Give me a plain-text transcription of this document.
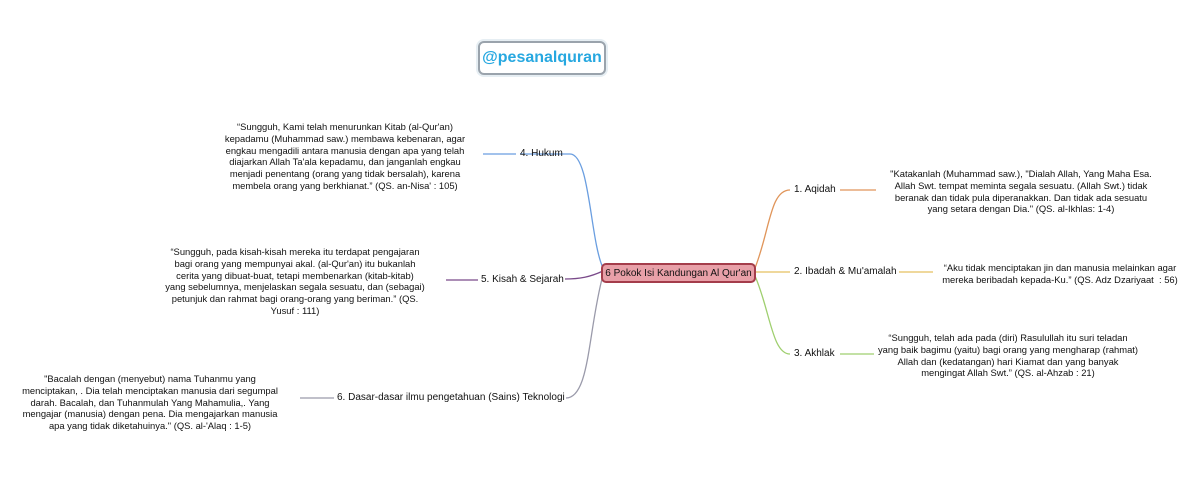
@pesanalquran
6 Pokok Isi Kandungan Al Qur'an
“Sungguh, Kami telah menurunkan Kitab (al-Qur'an)
kepadamu (Muhammad saw.) membawa kebenaran, agar
engkau mengadili antara manusia dengan apa yang telah
diajarkan Allah Ta'ala kepadamu, dan janganlah engkau
menjadi penentang (orang yang tidak bersalah), karena
membela orang yang berkhianat.” (QS. an-Nisa' : 105)
4. Hukum
“Sungguh, pada kisah-kisah mereka itu terdapat pengajaran
bagi orang yang mempunyai akal. (al-Qur'an) itu bukanlah
cerita yang dibuat-buat, tetapi membenarkan (kitab-kitab)
yang sebelumnya, menjelaskan segala sesuatu, dan (sebagai)
petunjuk dan rahmat bagi orang-orang yang beriman.” (QS.
Yusuf : 111)
5. Kisah & Sejarah
"Bacalah dengan (menyebut) nama Tuhanmu yang
menciptakan, . Dia telah menciptakan manusia dari segumpal
darah. Bacalah, dan Tuhanmulah Yang Mahamulia,. Yang
mengajar (manusia) dengan pena. Dia mengajarkan manusia
apa yang tidak diketahuinya." (QS. al-'Alaq : 1-5)
6. Dasar-dasar ilmu pengetahuan (Sains) Teknologi
1. Aqidah
"Katakanlah (Muhammad saw.), "Dialah Allah, Yang Maha Esa.
Allah Swt. tempat meminta segala sesuatu. (Allah Swt.) tidak
beranak dan tidak pula diperanakkan. Dan tidak ada sesuatu
yang setara dengan Dia." (QS. al-Ikhlas: 1-4)
2. Ibadah & Mu'amalah	“Aku tidak menciptakan jin dan manusia melainkan agar
mereka beribadah kepada-Ku.” (QS. Adz Dzariyaat  : 56)
3. Akhlak
“Sungguh, telah ada pada (diri) Rasulullah itu suri teladan
yang baik bagimu (yaitu) bagi orang yang mengharap (rahmat)
Allah dan (kedatangan) hari Kiamat dan yang banyak
mengingat Allah Swt.” (QS. al-Ahzab : 21)
